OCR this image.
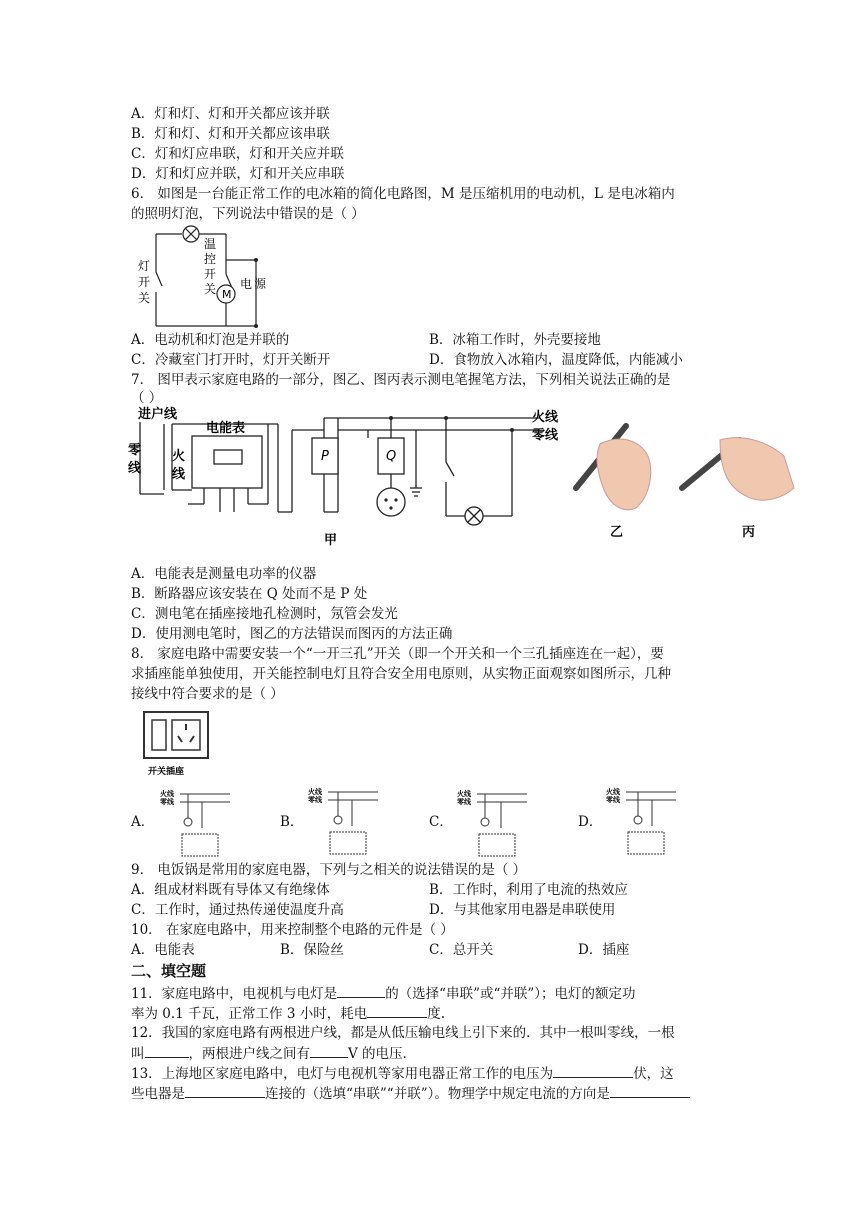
A．灯和灯、灯和开关都应该并联
B．灯和灯、灯和开关都应该串联
C．灯和灯应串联，灯和开关应并联
D．灯和灯应并联，灯和开关应串联
6． 如图是一台能正常工作的电冰箱的简化电路图，M 是压缩机用的电动机，L 是电冰箱内
的照明灯泡，下列说法中错误的是（ ）
M
灯
开
关
温
控
开
关 电 源
A．电动机和灯泡是并联的	B．冰箱工作时，外壳要接地
C．冷藏室门打开时，灯开关断开	D．食物放入冰箱内，温度降低，内能减小
7． 图甲表示家庭电路的一部分，图乙、图丙表示测电笔握笔方法，下列相关说法正确的是
（ ）
进户线
零
线
火
线
电能表
P	Q
火线
零线
甲
乙	丙
A．电能表是测量电功率的仪器
B．断路器应该安装在 Q 处而不是 P 处
C．测电笔在插座接地孔检测时，氖管会发光
D．使用测电笔时，图乙的方法错误而图丙的方法正确
8． 家庭电路中需要安装一个“一开三孔”开关（即一个开关和一个三孔插座连在一起），要
求插座能单独使用，开关能控制电灯且符合安全用电原则，从实物正面观察如图所示，几种
接线中符合要求的是（ ）
开关插座
A．	B．	C．	D．
火线
零线
火线
零线
火线
零线
火线
零线
9． 电饭锅是常用的家庭电器，下列与之相关的说法错误的是（ ）
A．组成材料既有导体又有绝缘体	B．工作时，利用了电流的热效应
C．工作时，通过热传递使温度升高	D．与其他家用电器是串联使用
10． 在家庭电路中，用来控制整个电路的元件是（ ）
A．电能表	B．保险丝	C．总开关	D．插座
二、填空题
11．家庭电路中，电视机与电灯是	的（选择“串联”或“并联”）；电灯的额定功
率为 0.1 千瓦，正常工作 3 小时，耗电	度.
12．我国的家庭电路有两根进户线，都是从低压输电线上引下来的．其中一根叫零线，一根
叫	，两根进户线之间有	V 的电压.
13．上海地区家庭电路中，电灯与电视机等家用电器正常工作的电压为	伏，这
些电器是	连接的（选填“串联”“并联”）。物理学中规定电流的方向是
